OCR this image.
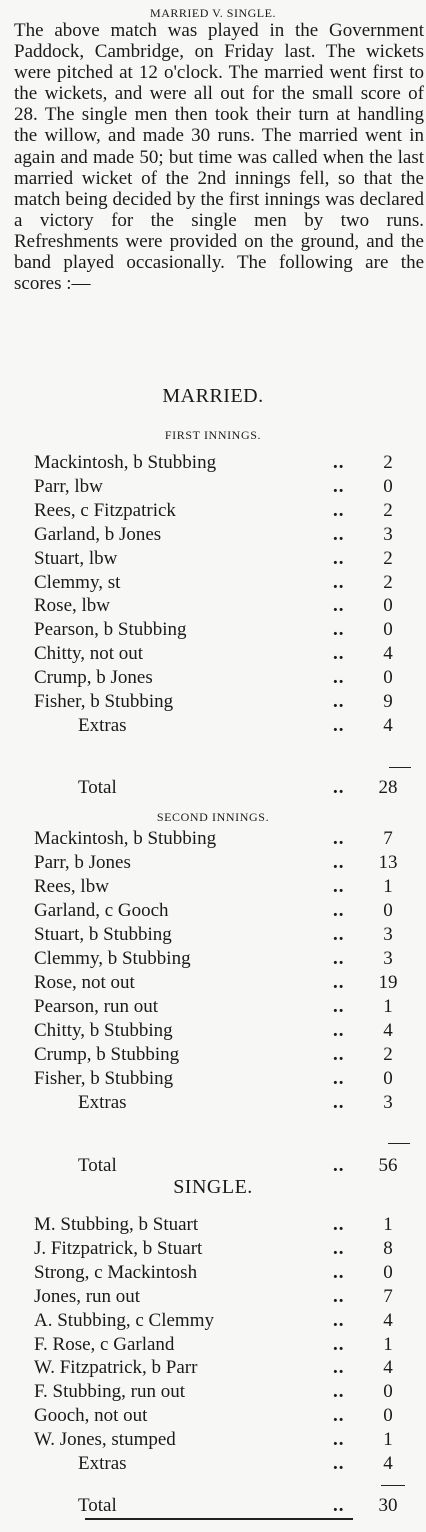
MARRIED V. SINGLE.

The above match was played in the Government Paddock, Cambridge, on Friday last. The wickets were pitched at 12 o'clock. The married went first to the wickets, and were all out for the small score of 28. The single men then took their turn at handling the willow, and made 30 runs. The married went in again and made 50; but time was called when the last married wicket of the 2nd innings fell, so that the match being decided by the first innings was declared a victory for the single men by two runs. Refreshments were provided on the ground, and the band played occasionally. The following are the scores :—

MARRIED.
FIRST INNINGS.
Mackintosh, b Stubbing	..	2
Parr, lbw	..	0
Rees, c Fitzpatrick	..	2
Garland, b Jones	..	3
Stuart, lbw	..	2
Clemmy, st	..	2
Rose, lbw	..	0
Pearson, b Stubbing	..	0
Chitty, not out	..	4
Crump, b Jones	..	0
Fisher, b Stubbing	..	9
Extras	..	4
Total	..	28
SECOND INNINGS.
Mackintosh, b Stubbing	..	7
Parr, b Jones	..	13
Rees, lbw	..	1
Garland, c Gooch	..	0
Stuart, b Stubbing	..	3
Clemmy, b Stubbing	..	3
Rose, not out	..	19
Pearson, run out	..	1
Chitty, b Stubbing	..	4
Crump, b Stubbing	..	2
Fisher, b Stubbing	..	0
Extras	..	3
Total	..	56
SINGLE.
M. Stubbing, b Stuart	..	1
J. Fitzpatrick, b Stuart	..	8
Strong, c Mackintosh	..	0
Jones, run out	..	7
A. Stubbing, c Clemmy	..	4
F. Rose, c Garland	..	1
W. Fitzpatrick, b Parr	..	4
F. Stubbing, run out	..	0
Gooch, not out	..	0
W. Jones, stumped	..	1
Extras	..	4
Total	..	30
